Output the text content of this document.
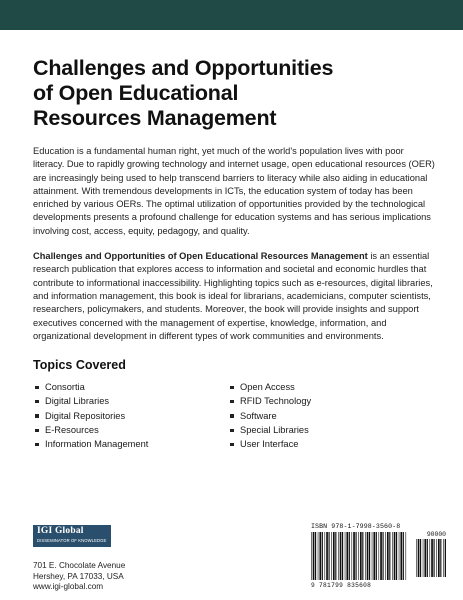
Challenges and Opportunities
of Open Educational
Resources Management

Education is a fundamental human right, yet much of the world's population lives with poor literacy. Due to rapidly growing technology and internet usage, open educational resources (OER) are increasingly being used to help transcend barriers to literacy while also aiding in educational attainment. With tremendous developments in ICTs, the education system of today has been enriched by various OERs. The optimal utilization of opportunities provided by the technological developments presents a profound challenge for education systems and has serious implications involving cost, access, equity, pedagogy, and quality.

Challenges and Opportunities of Open Educational Resources Management is an essential research publication that explores access to information and societal and economic hurdles that contribute to informational inaccessibility. Highlighting topics such as e-resources, digital libraries, and information management, this book is ideal for librarians, academicians, computer scientists, researchers, policymakers, and students. Moreover, the book will provide insights and support executives concerned with the management of expertise, knowledge, information, and organizational development in different types of work communities and environments.

Topics Covered
Consortia
Digital Libraries
Digital Repositories
E-Resources
Information Management
Open Access
RFID Technology
Software
Special Libraries
User Interface
IGI Global
DISSEMINATOR OF KNOWLEDGE
701 E. Chocolate Avenue
Hershey, PA 17033, USA
www.igi-global.com
ISBN 978-1-7998-3560-8
90000
9 781799 835608
